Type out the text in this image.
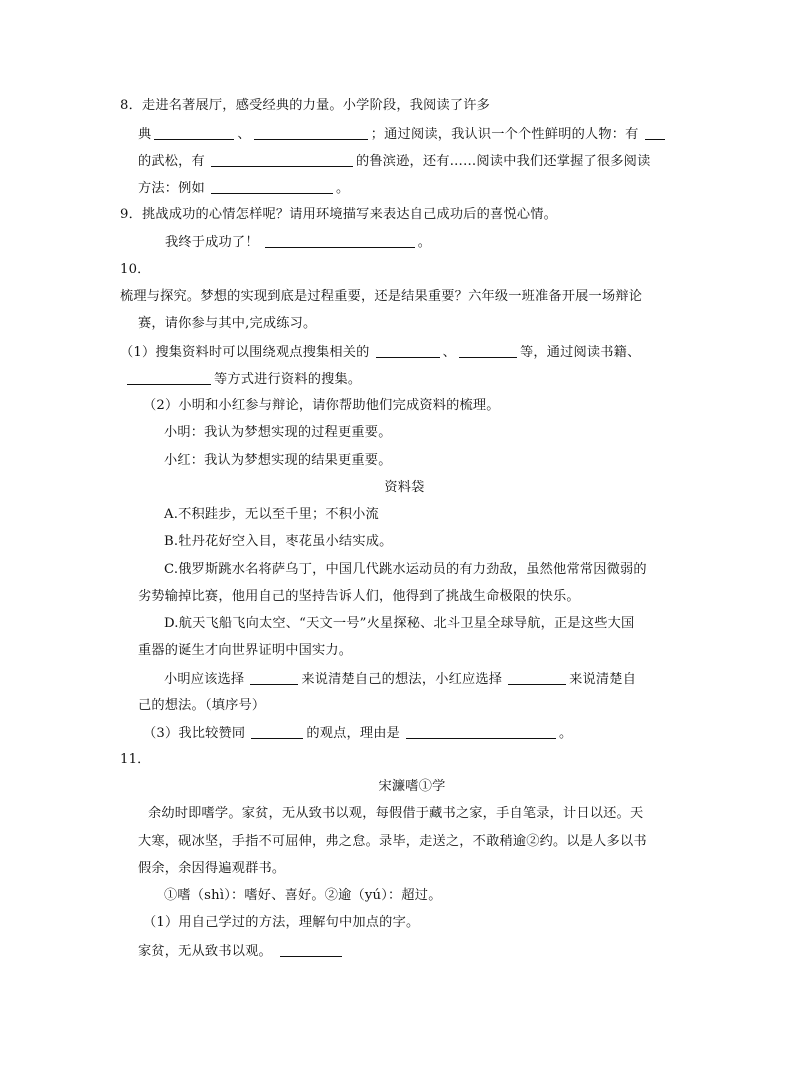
8．走进名著展厅，感受经典的力量。小学阶段，我阅读了许多
典	、	；通过阅读，我认识一个个性鲜明的人物：有
的武松，有	的鲁滨逊，还有……阅读中我们还掌握了很多阅读
方法：例如	。
9．挑战成功的心情怎样呢？请用环境描写来表达自己成功后的喜悦心情。
我终于成功了！	。
10．
梳理与探究。梦想的实现到底是过程重要，还是结果重要？六年级一班准备开展一场辩论
赛，请你参与其中,完成练习。
（1）搜集资料时可以围绕观点搜集相关的	、	等，通过阅读书籍、
等方式进行资料的搜集。
（2）小明和小红参与辩论，请你帮助他们完成资料的梳理。
小明：我认为梦想实现的过程更重要。
小红：我认为梦想实现的结果更重要。
资料袋
A.不积跬步，无以至千里；不积小流
B.牡丹花好空入目，枣花虽小结实成。
C.俄罗斯跳水名将萨乌丁，中国几代跳水运动员的有力劲敌，虽然他常常因微弱的
劣势输掉比赛，他用自己的坚持告诉人们，他得到了挑战生命极限的快乐。
D.航天飞船飞向太空、“天文一号”火星探秘、北斗卫星全球导航，正是这些大国
重器的诞生才向世界证明中国实力。
小明应该选择	来说清楚自己的想法，小红应选择	来说清楚自
己的想法。（填序号）
（3）我比较赞同	的观点，理由是	。
11．
宋濂嗜①学
余幼时即嗜学。家贫，无从致书以观，每假借于藏书之家，手自笔录，计日以还。天
大寒，砚冰坚，手指不可屈伸，弗之怠。录毕，走送之，不敢稍逾②约。以是人多以书
假余，余因得遍观群书。
①嗜（shì）：嗜好、喜好。②逾（yú）：超过。
（1）用自己学过的方法，理解句中加点的字。
家贫，无从致书以观。
